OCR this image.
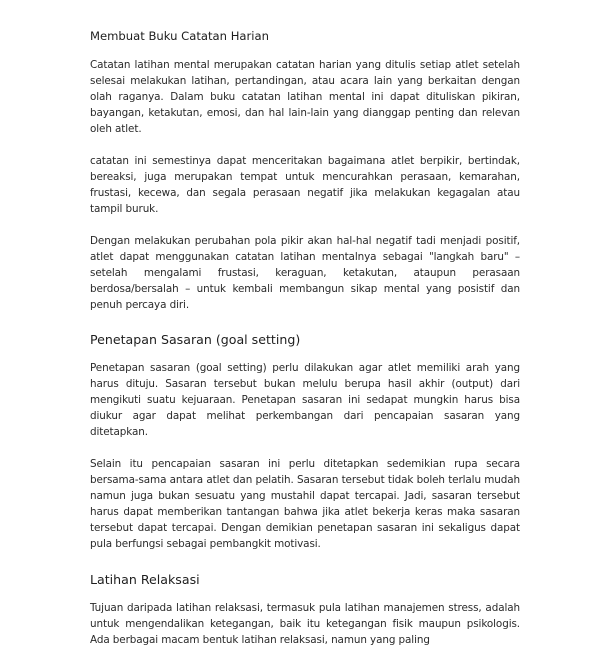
Membuat Buku Catatan Harian

Catatan latihan mental merupakan catatan harian yang ditulis setiap atlet setelah selesai melakukan latihan, pertandingan, atau acara lain yang berkaitan dengan olah raganya. Dalam buku catatan latihan mental ini dapat dituliskan pikiran, bayangan, ketakutan, emosi, dan hal lain-lain yang dianggap penting dan relevan oleh atlet.

catatan ini semestinya dapat menceritakan bagaimana atlet berpikir, bertindak, bereaksi, juga merupakan tempat untuk mencurahkan perasaan, kemarahan, frustasi, kecewa, dan segala perasaan negatif jika melakukan kegagalan atau tampil buruk.

Dengan melakukan perubahan pola pikir akan hal-hal negatif tadi menjadi positif, atlet dapat menggunakan catatan latihan mentalnya sebagai "langkah baru" – setelah mengalami frustasi, keraguan, ketakutan, ataupun perasaan berdosa/bersalah – untuk kembali membangun sikap mental yang posistif dan penuh percaya diri.

Penetapan Sasaran (goal setting)

Penetapan sasaran (goal setting) perlu dilakukan agar atlet memiliki arah yang harus dituju. Sasaran tersebut bukan melulu berupa hasil akhir (output) dari mengikuti suatu kejuaraan. Penetapan sasaran ini sedapat mungkin harus bisa diukur agar dapat melihat perkembangan dari pencapaian sasaran yang ditetapkan.

Selain itu pencapaian sasaran ini perlu ditetapkan sedemikian rupa secara bersama-sama antara atlet dan pelatih. Sasaran tersebut tidak boleh terlalu mudah namun juga bukan sesuatu yang mustahil dapat tercapai. Jadi, sasaran tersebut harus dapat memberikan tantangan bahwa jika atlet bekerja keras maka sasaran tersebut dapat tercapai. Dengan demikian penetapan sasaran ini sekaligus dapat pula berfungsi sebagai pembangkit motivasi.

Latihan Relaksasi

Tujuan daripada latihan relaksasi, termasuk pula latihan manajemen stress, adalah untuk mengendalikan ketegangan, baik itu ketegangan fisik maupun psikologis. Ada berbagai macam bentuk latihan relaksasi, namun yang paling
